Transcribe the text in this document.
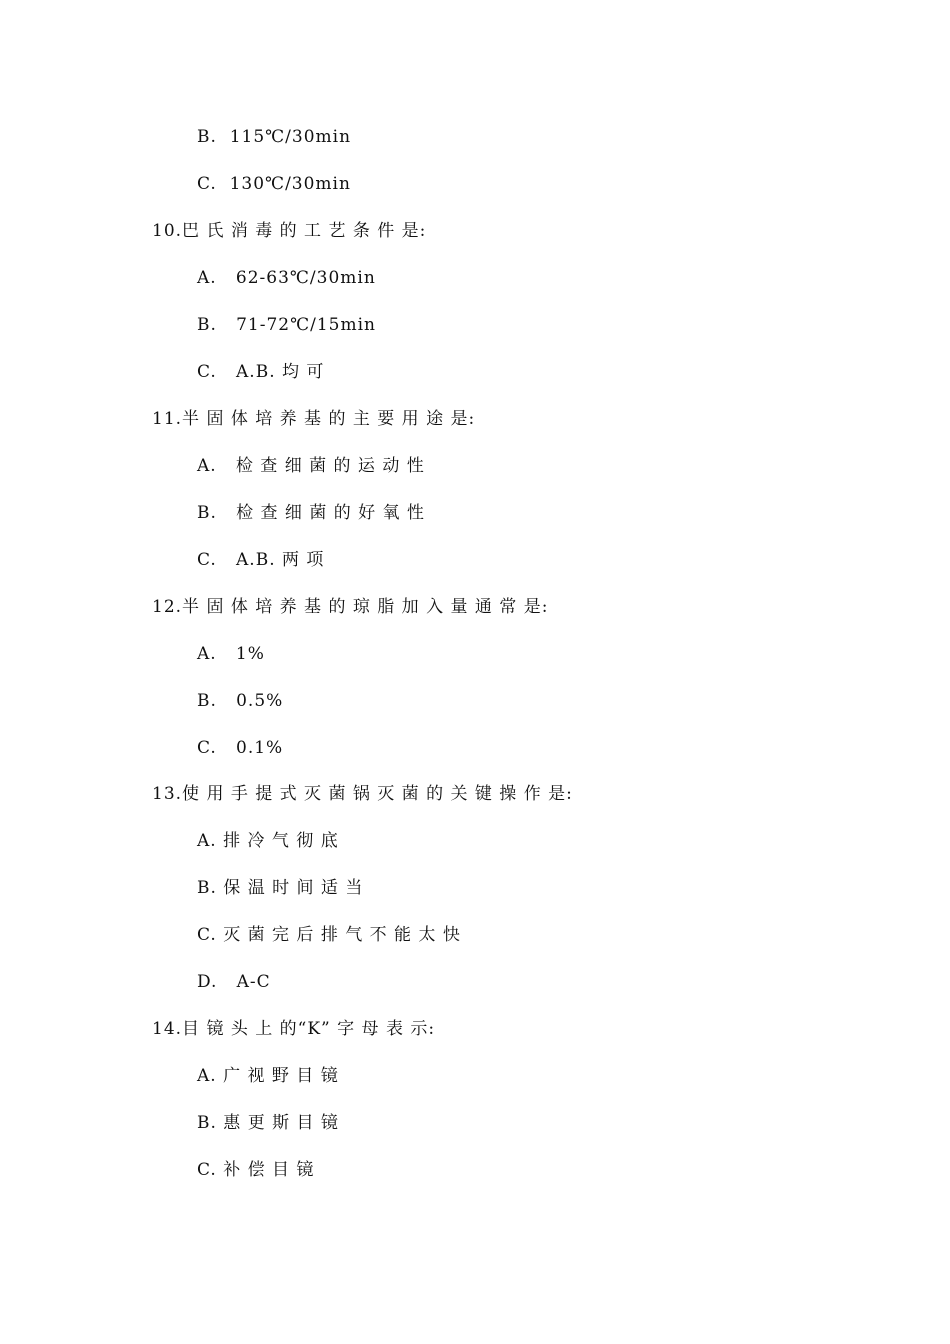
B.  115℃/30min
C.  130℃/30min
10.巴 氏 消 毒 的 工 艺 条 件 是:
A.   62-63℃/30min
B.   71-72℃/15min
C.   A.B. 均 可
11.半 固 体 培 养 基 的 主 要 用 途 是:
A.   检 查 细 菌 的 运 动 性
B.   检 查 细 菌 的 好 氧 性
C.   A.B. 两 项
12.半 固 体 培 养 基 的 琼 脂 加 入 量 通 常 是:
A.   1%
B.   0.5%
C.   0.1%
13.使 用 手 提 式 灭 菌 锅 灭 菌 的 关 键 操 作 是:
A. 排 冷 气 彻 底
B. 保 温 时 间 适 当
C. 灭 菌 完 后 排 气 不 能 太 快
D.   A-C
14.目 镜 头 上 的“K” 字 母 表 示:
A. 广 视 野 目 镜
B. 惠 更 斯 目 镜
C. 补 偿 目 镜
